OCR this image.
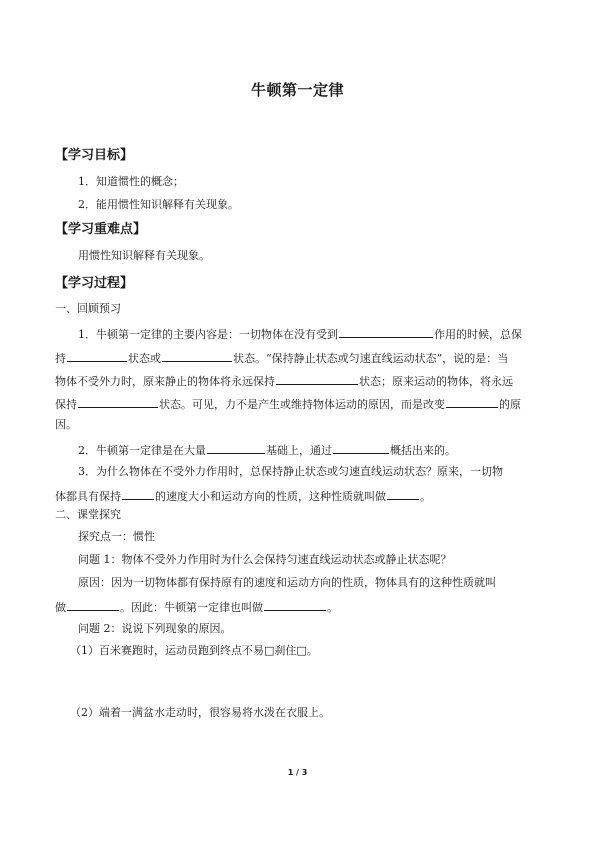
牛顿第一定律
【学习目标】
1．知道惯性的概念；
2．能用惯性知识解释有关现象。
【学习重难点】
用惯性知识解释有关现象。
【学习过程】
一、回顾预习
1．牛顿第一定律的主要内容是：一切物体在没有受到	作用的时候，总保
持	状态或	状态。“保持静止状态或匀速直线运动状态”，说的是：当
物体不受外力时，原来静止的物体将永远保持	状态；原来运动的物体，将永远
保持	状态。可见，力不是产生或维持物体运动的原因，而是改变	的原
因。
2．牛顿第一定律是在大量	基础上，通过	概括出来的。
3．为什么物体在不受外力作用时，总保持静止状态或匀速直线运动状态？原来，一切物
体都具有保持	的速度大小和运动方向的性质，这种性质就叫做	。
二、课堂探究
探究点一：惯性
问题 1：物体不受外力作用时为什么会保持匀速直线运动状态或静止状态呢？
原因：因为一切物体都有保持原有的速度和运动方向的性质，物体具有的这种性质就叫
做	。因此：牛顿第一定律也叫做	。
问题 2：说说下列现象的原因。
（1）百米赛跑时，运动员跑到终点不易□刹住□。
（2）端着一满盆水走动时，很容易将水泼在衣服上。
1 / 3
